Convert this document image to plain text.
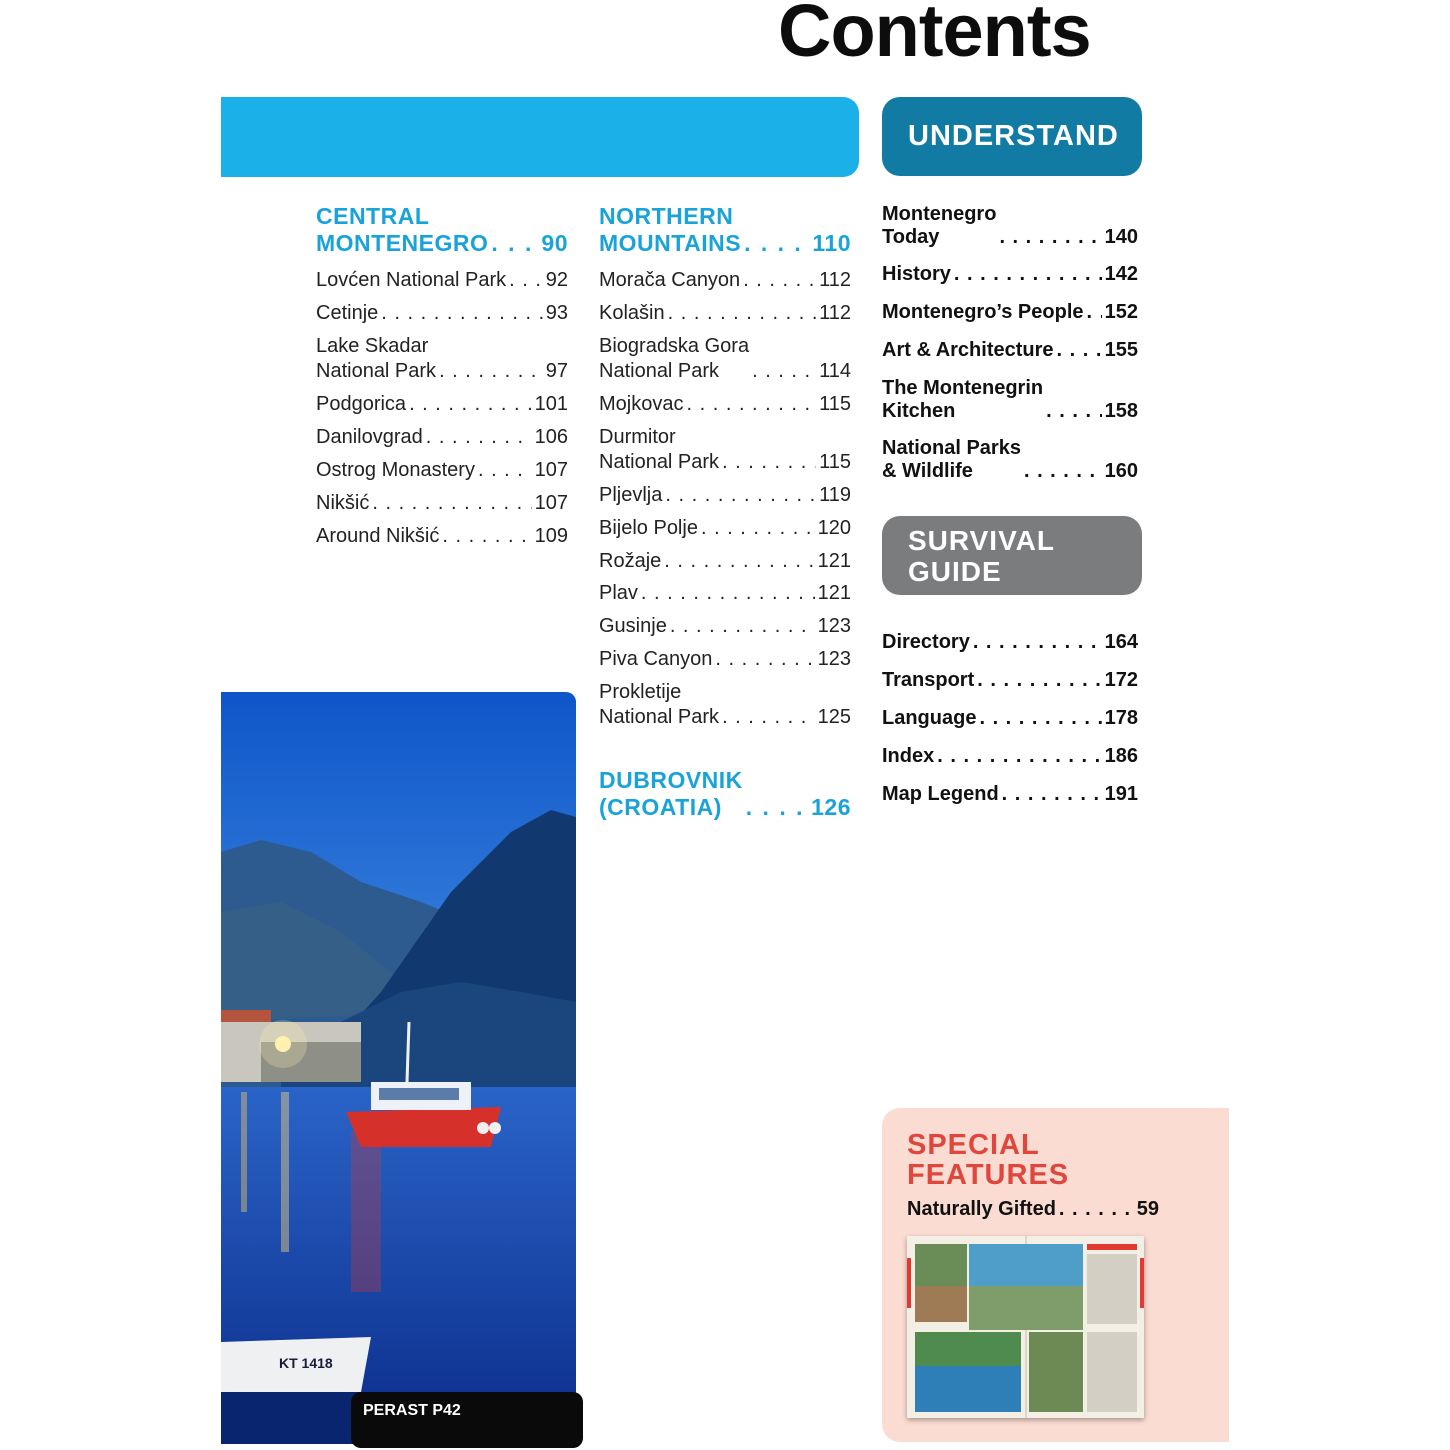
Contents
UNDERSTAND
CENTRAL
MONTENEGRO . . . 90
Lovćen National Park . . . 92
Cetinje . . .	93
Lake Skadar
National Park . . .	97
Podgorica . . .	101
Danilovgrad . . .	106
Ostrog Monastery . . .	107
Nikšić . . .	107
Around Nikšić . . .	109
NORTHERN
MOUNTAINS . . .	110
Morača Canyon . . .	112
Kolašin . . .	112
Biogradska Gora
National Park . . .	114
Mojkovac . . .	115
Durmitor
National Park . . .	115
Pljevlja . . .	119
Bijelo Polje . . .	120
Rožaje . . .	121
Plav . . .	121
Gusinje . . .	123
Piva Canyon . . .	123
Prokletije
National Park . . .	125
DUBROVNIK
(CROATIA) . . .	126
Montenegro
Today . . .	140
History . . .	142
Montenegro’s People . . . 152
Art & Architecture . . .	155
The Montenegrin
Kitchen . . .	158
National Parks
& Wildlife . . .	160
SURVIVAL
GUIDE
Directory . . .	164
Transport . . .	172
Language . . .	178
Index . . .	186
Map Legend . . .	191
KT 1418
PERAST P42
SPECIAL
FEATURES
Naturally Gifted . . .	59
